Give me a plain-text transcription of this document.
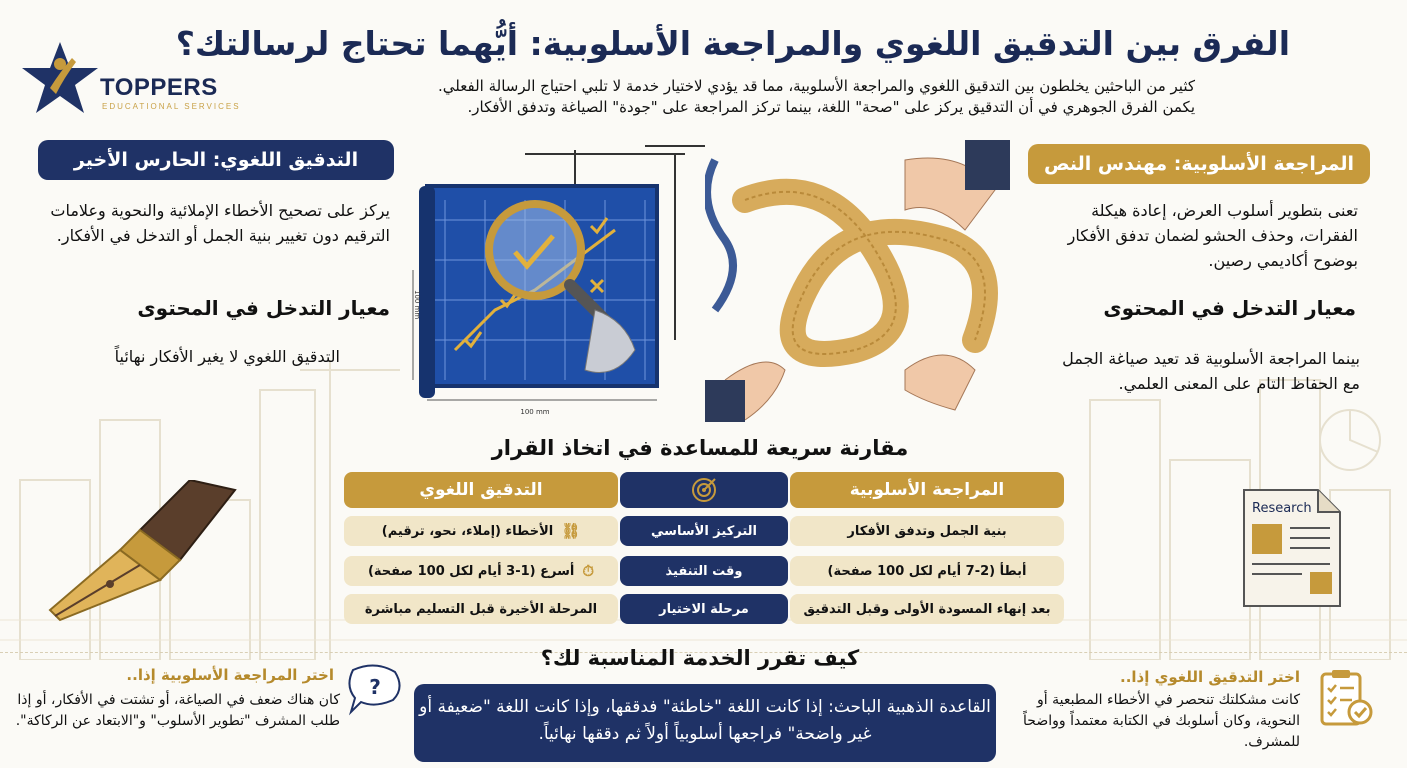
TOPPERS
EDUCATIONAL SERVICES
الفرق بين التدقيق اللغوي والمراجعة الأسلوبية: أيُّهما تحتاج لرسالتك؟
كثير من الباحثين يخلطون بين التدقيق اللغوي والمراجعة الأسلوبية، مما قد يؤدي لاختيار خدمة لا تلبي احتياج الرسالة الفعلي.
يكمن الفرق الجوهري في أن التدقيق يركز على "صحة" اللغة، بينما تركز المراجعة على "جودة" الصياغة وتدفق الأفكار.
التدقيق اللغوي: الحارس الأخير
يركز على تصحيح الأخطاء الإملائية والنحوية وعلامات الترقيم دون تغيير بنية الجمل أو التدخل في الأفكار.
معيار التدخل في المحتوى
التدقيق اللغوي لا يغير الأفكار نهائياً
المراجعة الأسلوبية: مهندس النص
تعنى بتطوير أسلوب العرض، إعادة هيكلة الفقرات، وحذف الحشو لضمان تدفق الأفكار بوضوح أكاديمي رصين.
معيار التدخل في المحتوى
بينما المراجعة الأسلوبية قد تعيد صياغة الجمل مع الحفاظ التام على المعنى العلمي.
100 mm
100 mm
مقارنة سريعة للمساعدة في اتخاذ القرار
المراجعة الأسلوبية
التدقيق اللغوي
بنية الجمل وتدفق الأفكار
التركيز الأساسي
⛓
الأخطاء (إملاء، نحو، ترقيم)
أبطأ (2-7 أيام لكل 100 صفحة)
وقت التنفيذ
⏱
أسرع (1-3 أيام لكل 100 صفحة)
بعد إنهاء المسودة الأولى وقبل التدقيق
مرحلة الاختيار
المرحلة الأخيرة قبل التسليم مباشرة
Research
كيف تقرر الخدمة المناسبة لك؟
القاعدة الذهبية الباحث: إذا كانت اللغة "خاطئة" فدققها، وإذا كانت اللغة "ضعيفة أو غير واضحة" فراجعها أسلوبياً أولاً ثم دققها نهائياً.
?
اختر المراجعة الأسلوبية إذا..
كان هناك ضعف في الصياغة، أو تشتت في الأفكار، أو إذا طلب المشرف "تطوير الأسلوب" و"الابتعاد عن الركاكة".
اختر التدقيق اللغوي إذا..
كانت مشكلتك تنحصر في الأخطاء المطبعية أو النحوية، وكان أسلوبك في الكتابة معتمداً وواضحاً للمشرف.
